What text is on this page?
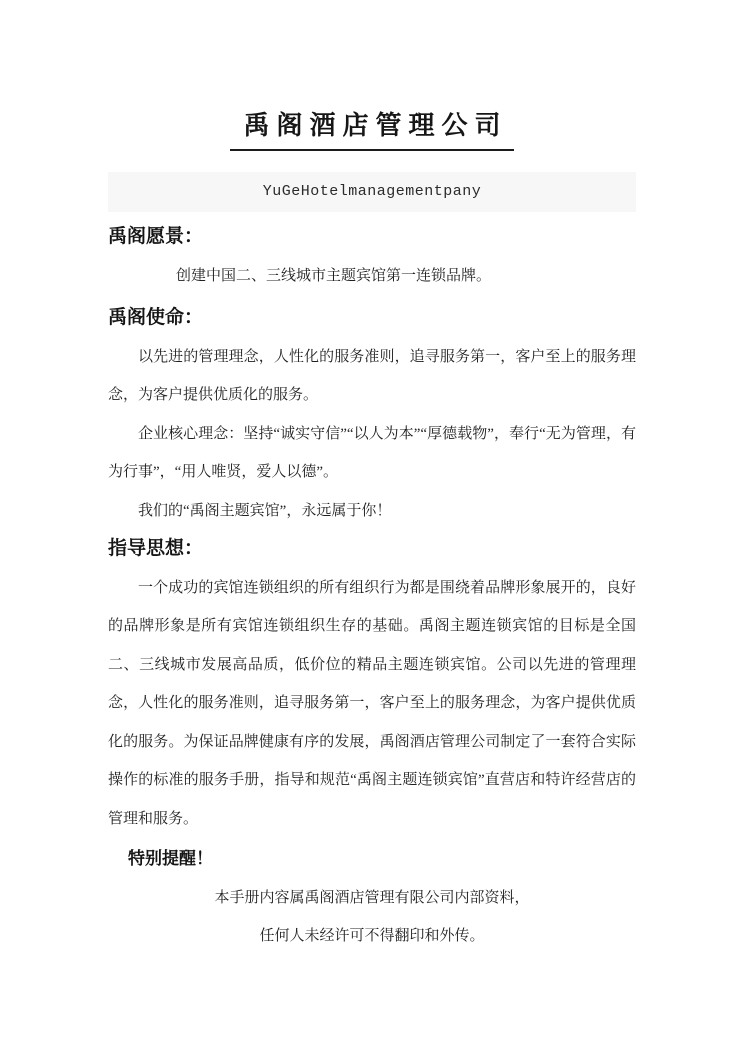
禹阁酒店管理公司
YuGeHotelmanagementpany
禹阁愿景：

创建中国二、三线城市主题宾馆第一连锁品牌。

禹阁使命：

以先进的管理理念，人性化的服务准则，追寻服务第一，客户至上的服务理念，为客户提供优质化的服务。

企业核心理念：坚持“诚实守信”“以人为本”“厚德载物”，奉行“无为管理，有为行事”，“用人唯贤，爱人以德”。

我们的“禹阁主题宾馆”，永远属于你！

指导思想：

一个成功的宾馆连锁组织的所有组织行为都是围绕着品牌形象展开的，良好的品牌形象是所有宾馆连锁组织生存的基础。禹阁主题连锁宾馆的目标是全国二、三线城市发展高品质，低价位的精品主题连锁宾馆。公司以先进的管理理念，人性化的服务准则，追寻服务第一，客户至上的服务理念，为客户提供优质化的服务。为保证品牌健康有序的发展，禹阁酒店管理公司制定了一套符合实际操作的标准的服务手册，指导和规范“禹阁主题连锁宾馆”直营店和特许经营店的管理和服务。

特别提醒！

本手册内容属禹阁酒店管理有限公司内部资料，

任何人未经许可不得翻印和外传。
